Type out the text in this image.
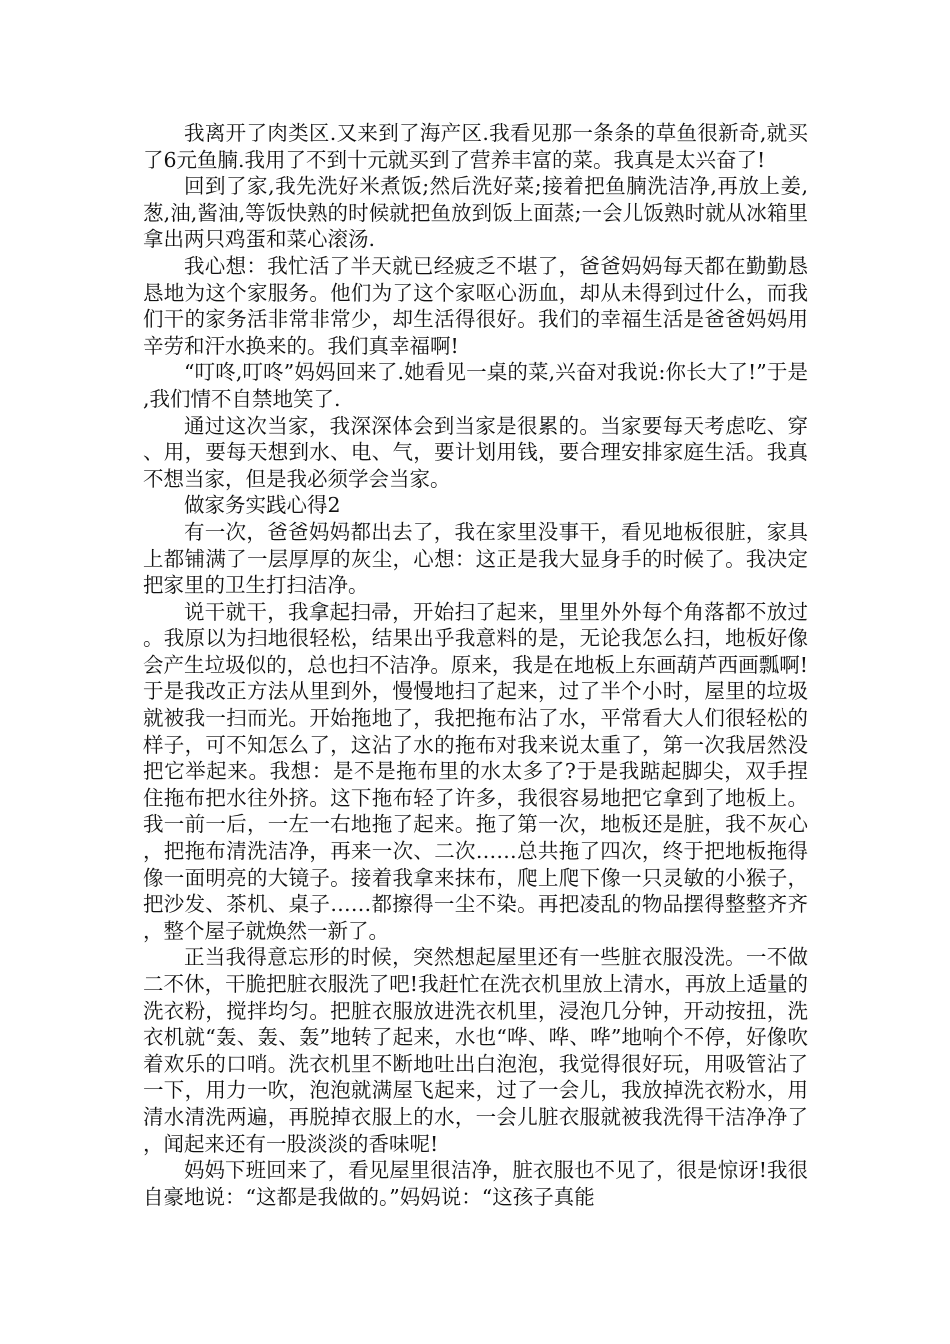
我离开了肉类区.又来到了海产区.我看见那一条条的草鱼很新奇,就买了6元鱼腩.我用了不到十元就买到了营养丰富的菜。我真是太兴奋了!

回到了家,我先洗好米煮饭;然后洗好菜;接着把鱼腩洗洁净,再放上姜,葱,油,酱油,等饭快熟的时候就把鱼放到饭上面蒸;一会儿饭熟时就从冰箱里拿出两只鸡蛋和菜心滚汤.

我心想：我忙活了半天就已经疲乏不堪了，爸爸妈妈每天都在勤勤恳恳地为这个家服务。他们为了这个家呕心沥血，却从未得到过什么，而我们干的家务活非常非常少，却生活得很好。我们的幸福生活是爸爸妈妈用辛劳和汗水换来的。我们真幸福啊!

“叮咚,叮咚”妈妈回来了.她看见一桌的菜,兴奋对我说:你长大了!”于是,我们情不自禁地笑了.

通过这次当家，我深深体会到当家是很累的。当家要每天考虑吃、穿、用，要每天想到水、电、气，要计划用钱，要合理安排家庭生活。我真不想当家，但是我必须学会当家。

做家务实践心得2

有一次，爸爸妈妈都出去了，我在家里没事干，看见地板很脏，家具上都铺满了一层厚厚的灰尘，心想：这正是我大显身手的时候了。我决定把家里的卫生打扫洁净。

说干就干，我拿起扫帚，开始扫了起来，里里外外每个角落都不放过。我原以为扫地很轻松，结果出乎我意料的是，无论我怎么扫，地板好像会产生垃圾似的，总也扫不洁净。原来，我是在地板上东画葫芦西画瓢啊!于是我改正方法从里到外，慢慢地扫了起来，过了半个小时，屋里的垃圾就被我一扫而光。开始拖地了，我把拖布沾了水，平常看大人们很轻松的样子，可不知怎么了，这沾了水的拖布对我来说太重了，第一次我居然没把它举起来。我想：是不是拖布里的水太多了?于是我踮起脚尖，双手捏住拖布把水往外挤。这下拖布轻了许多，我很容易地把它拿到了地板上。我一前一后，一左一右地拖了起来。拖了第一次，地板还是脏，我不灰心，把拖布清洗洁净，再来一次、二次……总共拖了四次，终于把地板拖得像一面明亮的大镜子。接着我拿来抹布，爬上爬下像一只灵敏的小猴子，把沙发、茶机、桌子……都擦得一尘不染。再把凌乱的物品摆得整整齐齐，整个屋子就焕然一新了。

正当我得意忘形的时候，突然想起屋里还有一些脏衣服没洗。一不做二不休，干脆把脏衣服洗了吧!我赶忙在洗衣机里放上清水，再放上适量的洗衣粉，搅拌均匀。把脏衣服放进洗衣机里，浸泡几分钟，开动按扭，洗衣机就“轰、轰、轰”地转了起来，水也“哗、哗、哗”地响个不停，好像吹着欢乐的口哨。洗衣机里不断地吐出白泡泡，我觉得很好玩，用吸管沾了一下，用力一吹，泡泡就满屋飞起来，过了一会儿，我放掉洗衣粉水，用清水清洗两遍，再脱掉衣服上的水，一会儿脏衣服就被我洗得干洁净净了，闻起来还有一股淡淡的香味呢!

妈妈下班回来了，看见屋里很洁净，脏衣服也不见了，很是惊讶!我很自豪地说：“这都是我做的。”妈妈说：“这孩子真能
